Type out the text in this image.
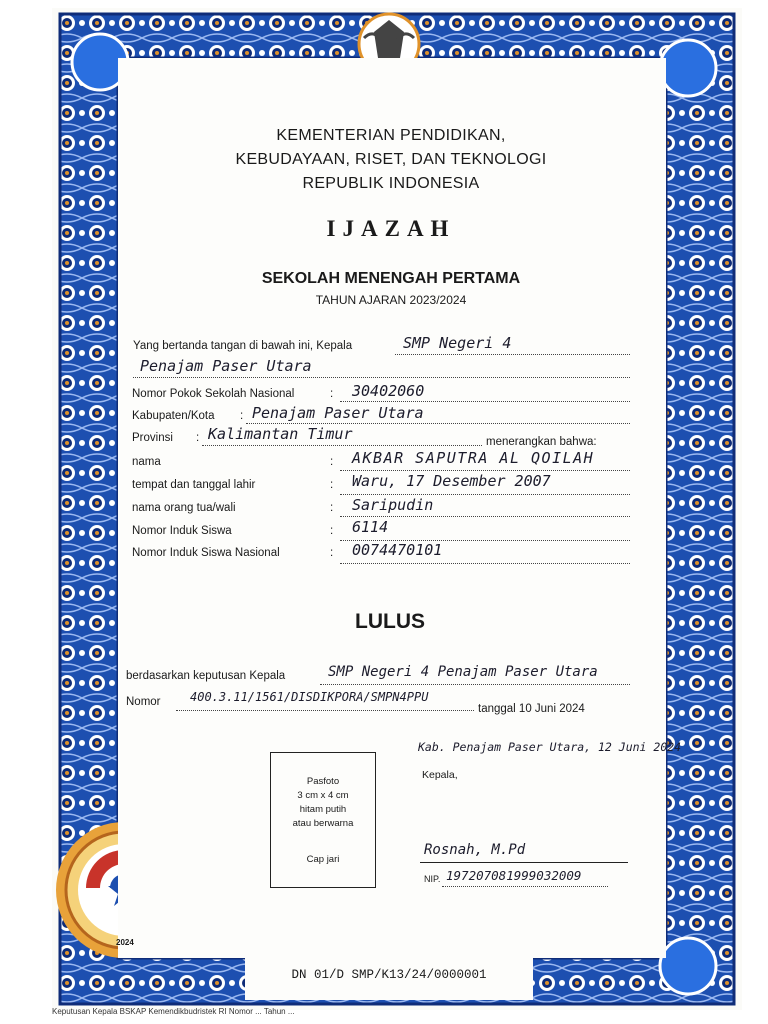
KEMENTERIAN PENDIDIKAN,
KEBUDAYAAN, RISET, DAN TEKNOLOGI
REPUBLIK INDONESIA
IJAZAH
SEKOLAH MENENGAH PERTAMA
TAHUN AJARAN 2023/2024
Yang bertanda tangan di bawah ini, Kepala	SMP Negeri 4
Penajam Paser Utara
Nomor Pokok Sekolah Nasional	: 30402060
Kabupaten/Kota : Penajam Paser Utara
Provinsi : Kalimantan Timur	menerangkan bahwa:
nama	: AKBAR SAPUTRA AL QOILAH
tempat dan tanggal lahir	: Waru, 17 Desember 2007
nama orang tua/wali	: Saripudin
Nomor Induk Siswa	: 6114
Nomor Induk Siswa Nasional	: 0074470101
LULUS
berdasarkan keputusan Kepala	SMP Negeri 4 Penajam Paser Utara
Nomor 400.3.11/1561/DISDIKPORA/SMPN4PPU
tanggal 10 Juni 2024
Pasfoto
3 cm x 4 cm
hitam putih
atau berwarna
Cap jari
Kab. Penajam Paser Utara, 12 Juni 2024
Kepala,
Rosnah, M.Pd
NIP. 197207081999032009
2024
DN 01/D SMP/K13/24/0000001
Keputusan Kepala BSKAP Kemendikbudristek RI Nomor ... Tahun ...
